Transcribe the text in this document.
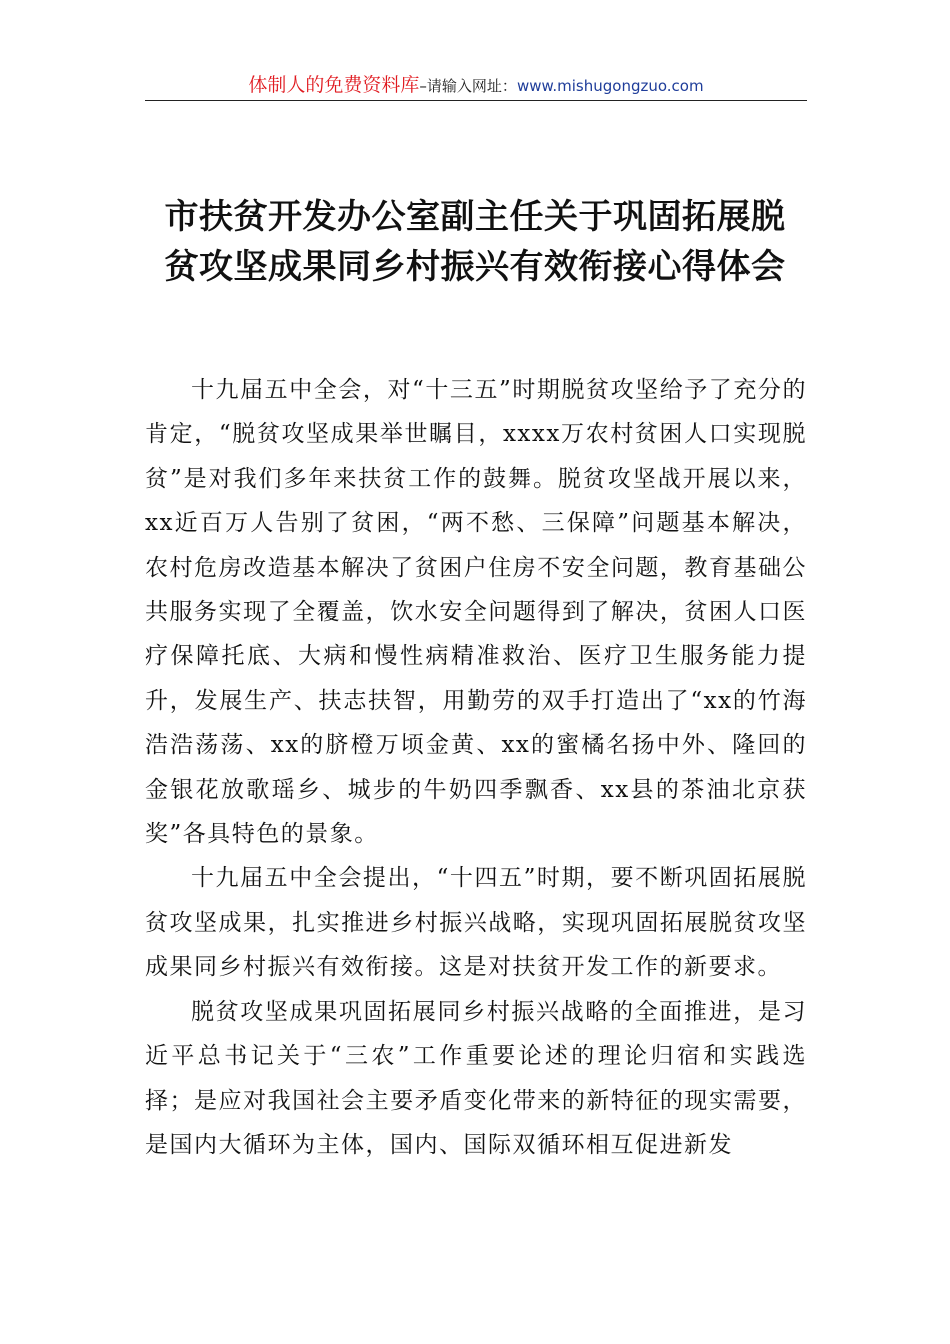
体制人的免费资料库–请输入网址：www.mishugongzuo.com
市扶贫开发办公室副主任关于巩固拓展脱
贫攻坚成果同乡村振兴有效衔接心得体会

十九届五中全会，对“十三五”时期脱贫攻坚给予了充分的肯定，“脱贫攻坚成果举世瞩目，xxxx万农村贫困人口实现脱贫”是对我们多年来扶贫工作的鼓舞。脱贫攻坚战开展以来，xx近百万人告别了贫困，“两不愁、三保障”问题基本解决，农村危房改造基本解决了贫困户住房不安全问题，教育基础公共服务实现了全覆盖，饮水安全问题得到了解决，贫困人口医疗保障托底、大病和慢性病精准救治、医疗卫生服务能力提升，发展生产、扶志扶智，用勤劳的双手打造出了“xx的竹海浩浩荡荡、xx的脐橙万顷金黄、xx的蜜橘名扬中外、隆回的金银花放歌瑶乡、城步的牛奶四季飘香、xx县的茶油北京获奖”各具特色的景象。

十九届五中全会提出，“十四五”时期，要不断巩固拓展脱贫攻坚成果，扎实推进乡村振兴战略，实现巩固拓展脱贫攻坚成果同乡村振兴有效衔接。这是对扶贫开发工作的新要求。

脱贫攻坚成果巩固拓展同乡村振兴战略的全面推进，是习近平总书记关于“三农”工作重要论述的理论归宿和实践选择；是应对我国社会主要矛盾变化带来的新特征的现实需要，是国内大循环为主体，国内、国际双循环相互促进新发
